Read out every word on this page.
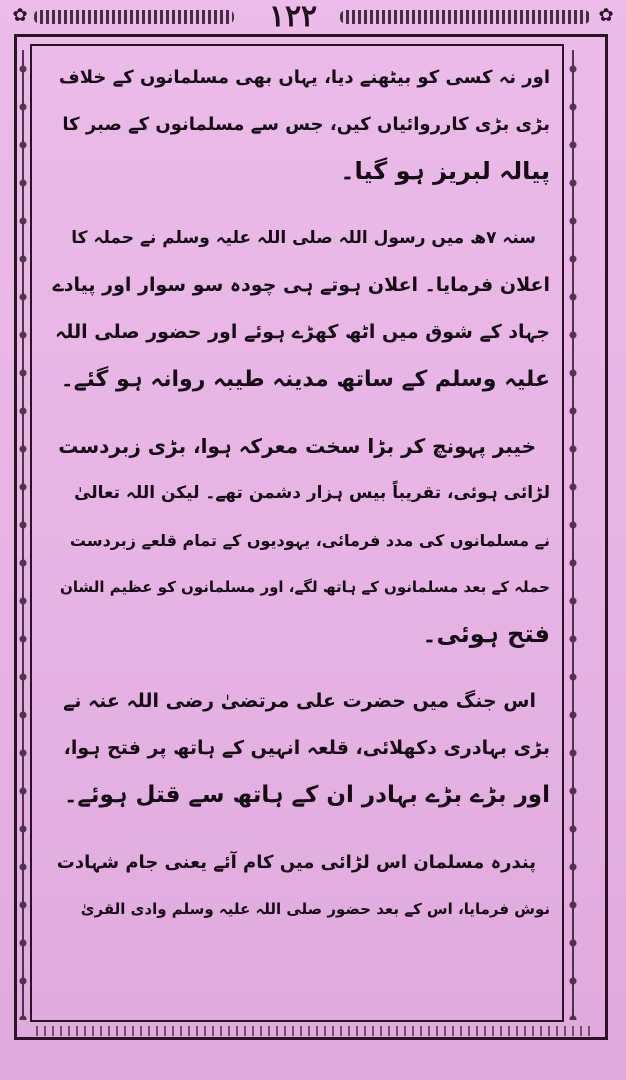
✿	۱۲۲	✿
اور نہ کسی کو بیٹھنے دیا، یہاں بھی مسلمانوں کے خلاف
بڑی بڑی کارروائیاں کیں، جس سے مسلمانوں کے صبر کا
پیالہ لبریز ہو گیا۔
سنہ ۷ھ میں رسول اللہ صلی اللہ علیہ وسلم نے حملہ کا
اعلان فرمایا۔ اعلان ہوتے ہی چودہ سو سوار اور پیادے
جہاد کے شوق میں اٹھ کھڑے ہوئے اور حضور صلی اللہ
علیہ وسلم کے ساتھ مدینہ طیبہ روانہ ہو گئے۔
خیبر پہونچ کر بڑا سخت معرکہ ہوا، بڑی زبردست
لڑائی ہوئی، تقریباً بیس ہزار دشمن تھے۔ لیکن اللہ تعالیٰ
نے مسلمانوں کی مدد فرمائی، یہودیوں کے تمام قلعے زبردست
حملہ کے بعد مسلمانوں کے ہاتھ لگے، اور مسلمانوں کو عظیم الشان
فتح ہوئی۔
اس جنگ میں حضرت علی مرتضیٰ رضی اللہ عنہ نے
بڑی بہادری دکھلائی، قلعہ انہیں کے ہاتھ پر فتح ہوا،
اور بڑے بڑے بہادر ان کے ہاتھ سے قتل ہوئے۔
پندرہ مسلمان اس لڑائی میں کام آئے یعنی جام شہادت
نوش فرمایا، اس کے بعد حضور صلی اللہ علیہ وسلم وادی القریٰ
